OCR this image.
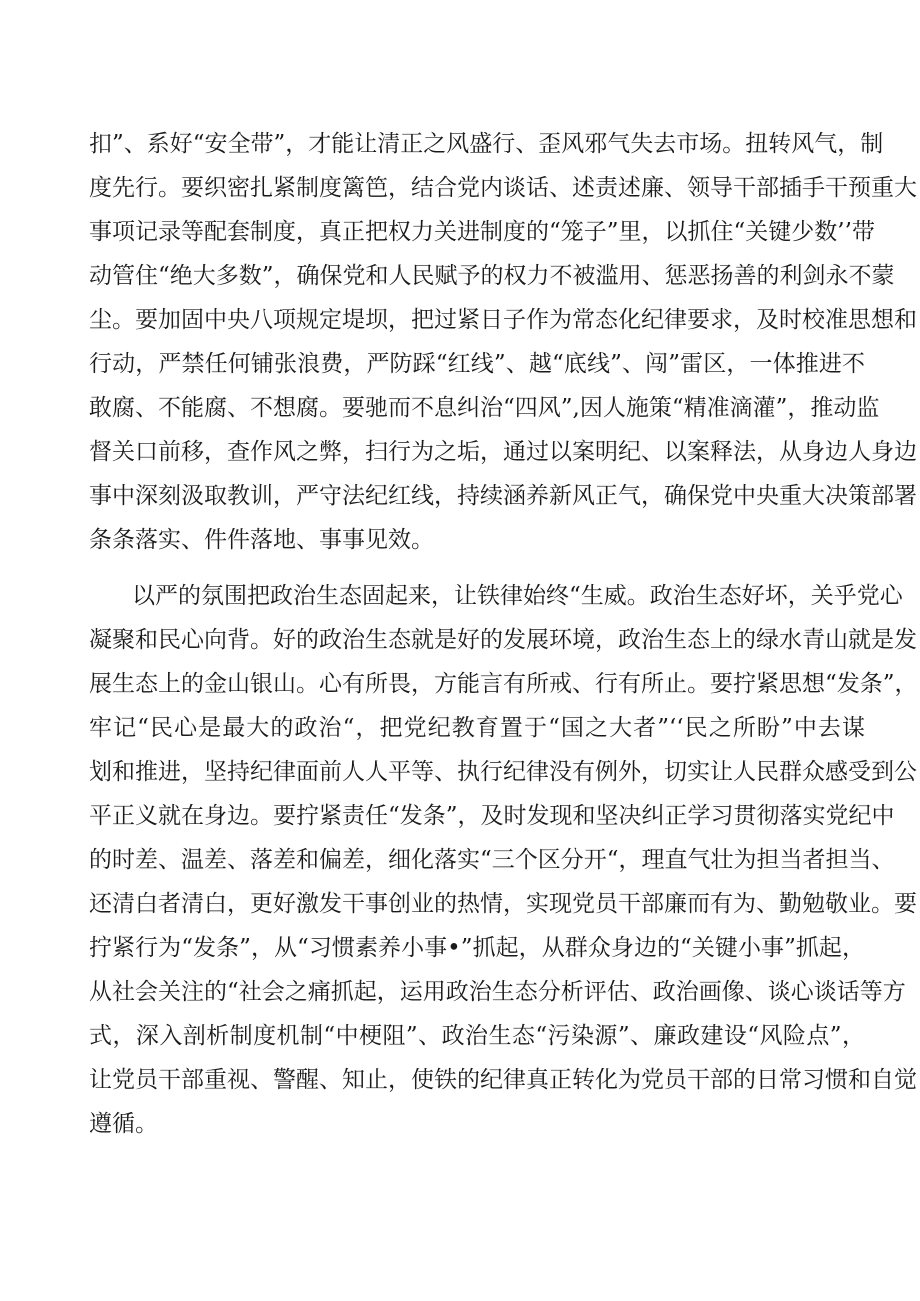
扣”、系好“安全带”，才能让清正之风盛行、歪风邪气失去市场。扭转风气，制
度先行。要织密扎紧制度篱笆，结合党内谈话、述责述廉、领导干部插手干预重大
事项记录等配套制度，真正把权力关进制度的“笼子”里，以抓住“关键少数’’带
动管住“绝大多数”，确保党和人民赋予的权力不被滥用、惩恶扬善的利剑永不蒙
尘。要加固中央八项规定堤坝，把过紧日子作为常态化纪律要求，及时校准思想和
行动，严禁任何铺张浪费，严防踩“红线”、越“底线”、闯”雷区，一体推进不
敢腐、不能腐、不想腐。要驰而不息纠治“四风”,因人施策“精准滴灌”，推动监
督关口前移，查作风之弊，扫行为之垢，通过以案明纪、以案释法，从身边人身边
事中深刻汲取教训，严守法纪红线，持续涵养新风正气，确保党中央重大决策部署
条条落实、件件落地、事事见效。
以严的氛围把政治生态固起来，让铁律始终“生威。政治生态好坏，关乎党心
凝聚和民心向背。好的政治生态就是好的发展环境，政治生态上的绿水青山就是发
展生态上的金山银山。心有所畏，方能言有所戒、行有所止。要拧紧思想“发条”，
牢记“民心是最大的政治“，把党纪教育置于“国之大者”‘‘民之所盼”中去谋
划和推进，坚持纪律面前人人平等、执行纪律没有例外，切实让人民群众感受到公
平正义就在身边。要拧紧责任“发条”，及时发现和坚决纠正学习贯彻落实党纪中
的时差、温差、落差和偏差，细化落实“三个区分开“，理直气壮为担当者担当、
还清白者清白，更好激发干事创业的热情，实现党员干部廉而有为、勤勉敬业。要
拧紧行为“发条”，从“习惯素养小事•”抓起，从群众身边的“关键小事”抓起，
从社会关注的“社会之痛抓起，运用政治生态分析评估、政治画像、谈心谈话等方
式，深入剖析制度机制“中梗阻”、政治生态“污染源”、廉政建设“风险点”，
让党员干部重视、警醒、知止，使铁的纪律真正转化为党员干部的日常习惯和自觉
遵循。
